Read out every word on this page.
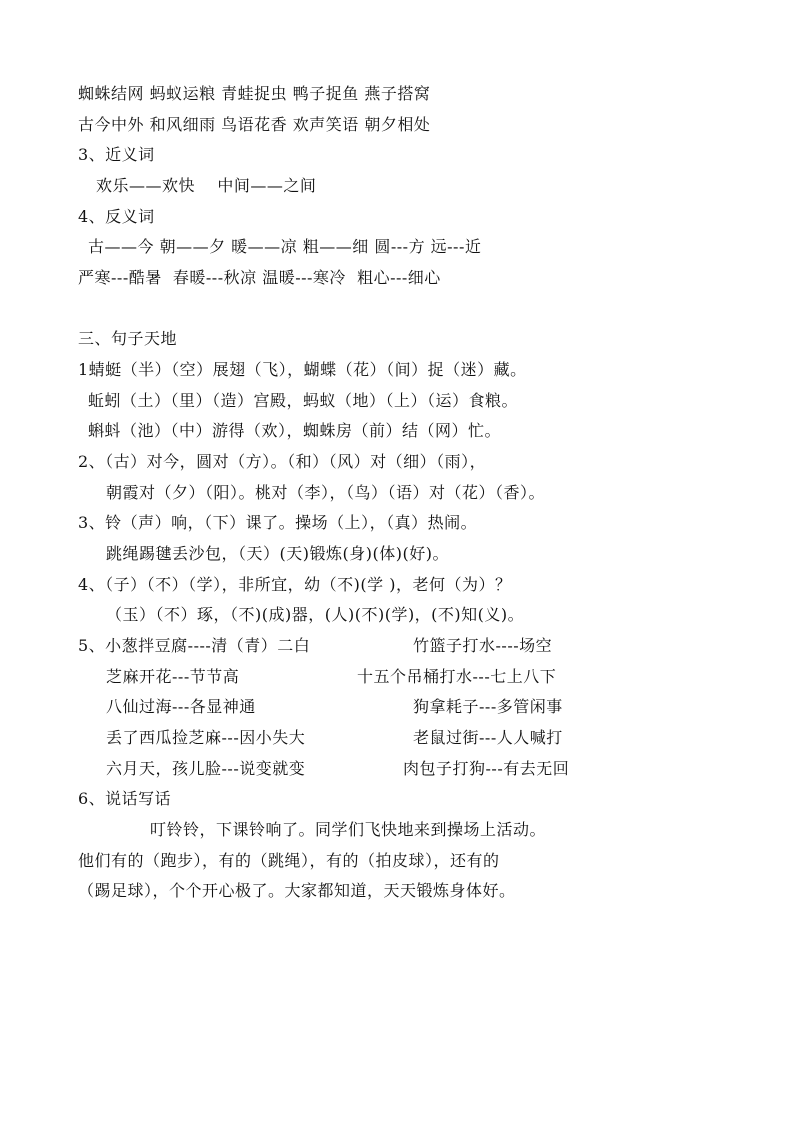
蜘蛛结网 蚂蚁运粮 青蛙捉虫 鸭子捉鱼 燕子搭窝
古今中外 和风细雨 鸟语花香 欢声笑语 朝夕相处
3、近义词
欢乐——欢快    中间——之间
4、反义词
古——今 朝——夕 暖——凉 粗——细 圆---方 远---近
严寒---酷暑  春暖---秋凉 温暖---寒冷  粗心---细心
三、句子天地
1蜻蜓（半）（空）展翅（飞），蝴蝶（花）（间）捉（迷）藏。
蚯蚓（土）（里）（造）宫殿，蚂蚁（地）（上）（运）食粮。
蝌蚪（池）（中）游得（欢），蜘蛛房（前）结（网）忙。
2、（古）对今，圆对（方）。（和）（风）对（细）（雨），
朝霞对（夕）（阳）。桃对（李），（鸟）（语）对（花）（香）。
3、铃（声）响，（下）课了。操场（上），（真）热闹。
跳绳踢毽丢沙包，（天）(天)锻炼(身)(体)(好)。
4、（子）（不）（学），非所宜，幼（不)(学 )，老何（为）？
（玉）（不）琢，（不)(成)器，(人)(不)(学)，(不)知(义)。
5、小葱拌豆腐----清（青）二白	竹篮子打水----场空
芝麻开花---节节高	十五个吊桶打水---七上八下
八仙过海---各显神通	狗拿耗子---多管闲事
丢了西瓜捡芝麻---因小失大	老鼠过街---人人喊打
六月天，孩儿脸---说变就变	肉包子打狗---有去无回
6、说话写话
叮铃铃，下课铃响了。同学们飞快地来到操场上活动。
他们有的（跑步），有的（跳绳），有的（拍皮球），还有的
（踢足球），个个开心极了。大家都知道，天天锻炼身体好。
